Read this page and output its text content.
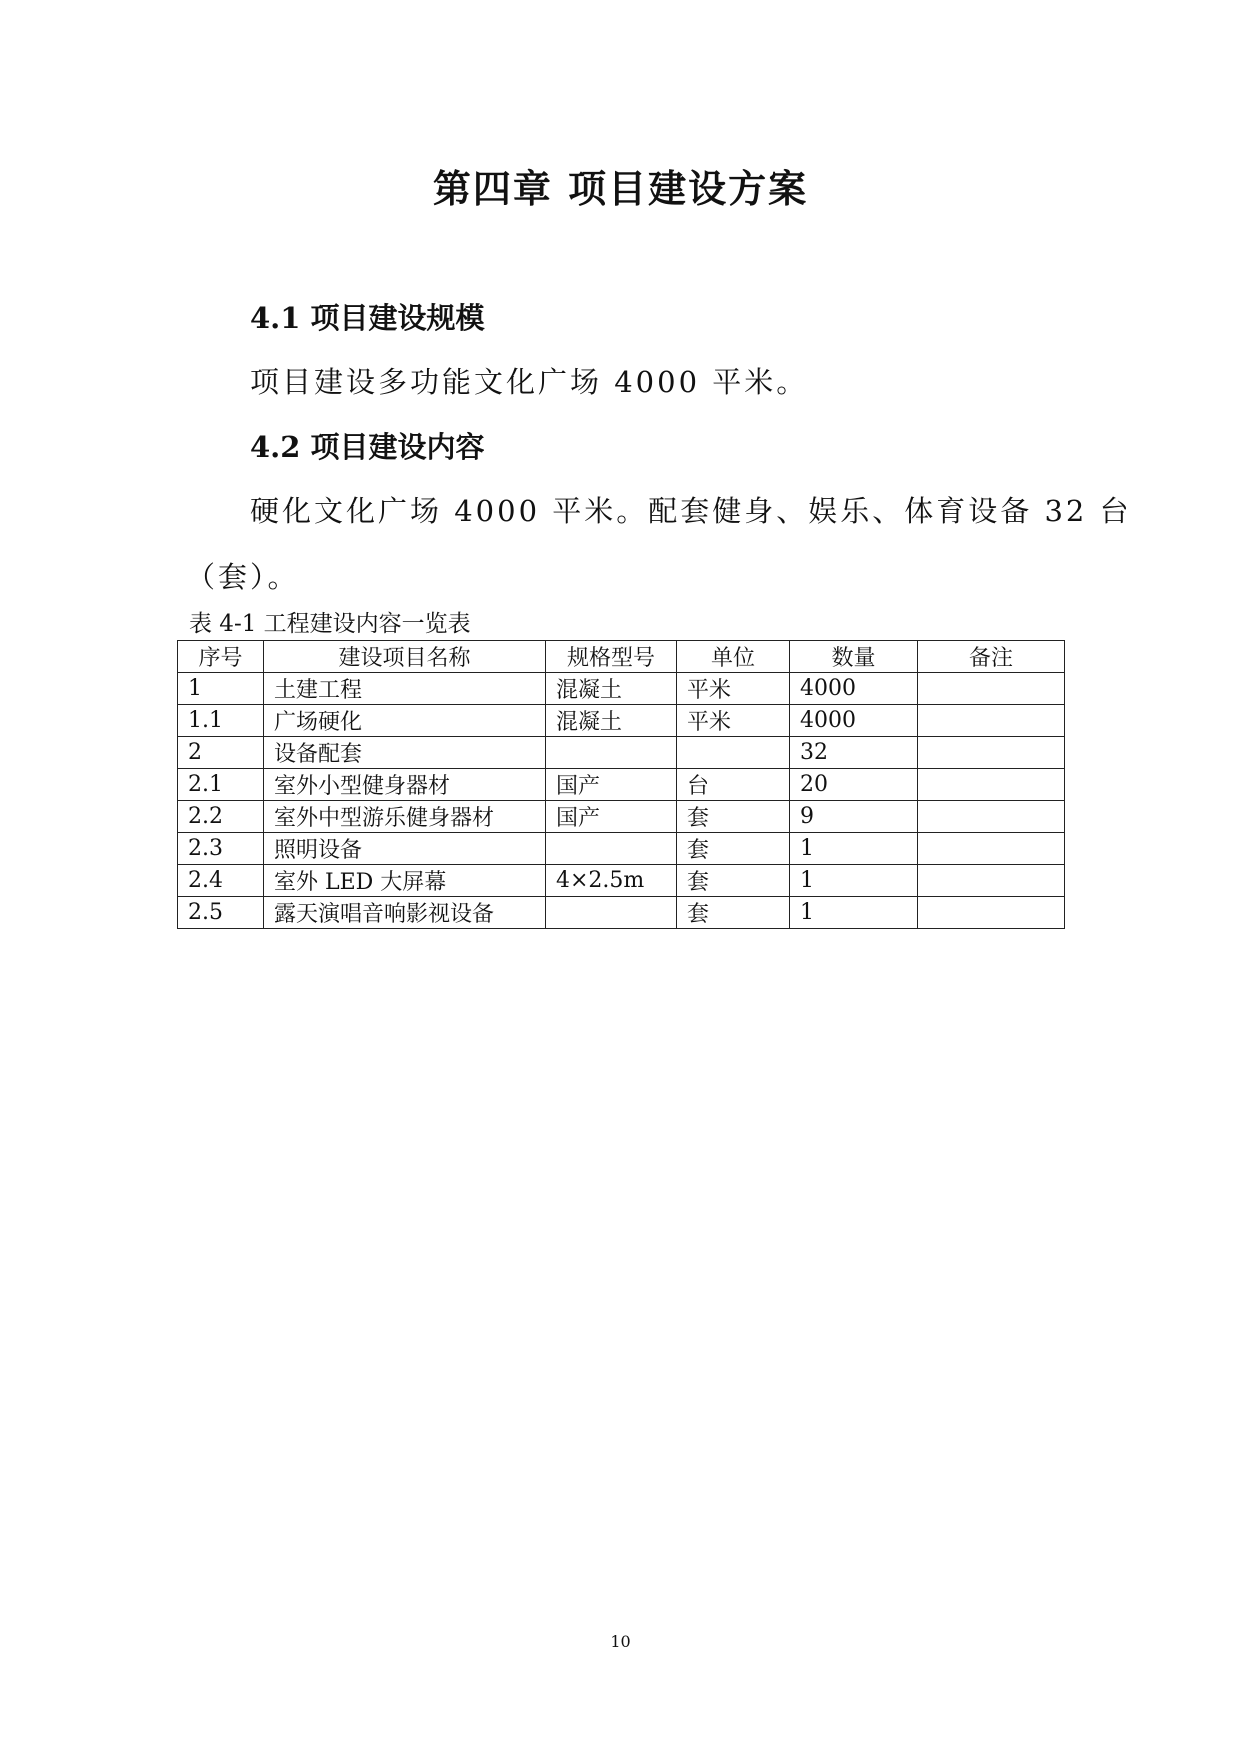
第四章 项目建设方案
4.1 项目建设规模
项目建设多功能文化广场 4000 平米。
4.2 项目建设内容
硬化文化广场 4000 平米。配套健身、娱乐、体育设备 32 台
（套）。
表 4-1 工程建设内容一览表
序号	建设项目名称	规格型号	单位	数量	备注
1	土建工程	混凝土	平米	4000	
1.1	广场硬化	混凝土	平米	4000	
2	设备配套			32	
2.1	室外小型健身器材	国产	台	20	
2.2	室外中型游乐健身器材	国产	套	9	
2.3	照明设备		套	1	
2.4	室外 LED 大屏幕	4×2.5m	套	1	
2.5	露天演唱音响影视设备		套	1	
10
